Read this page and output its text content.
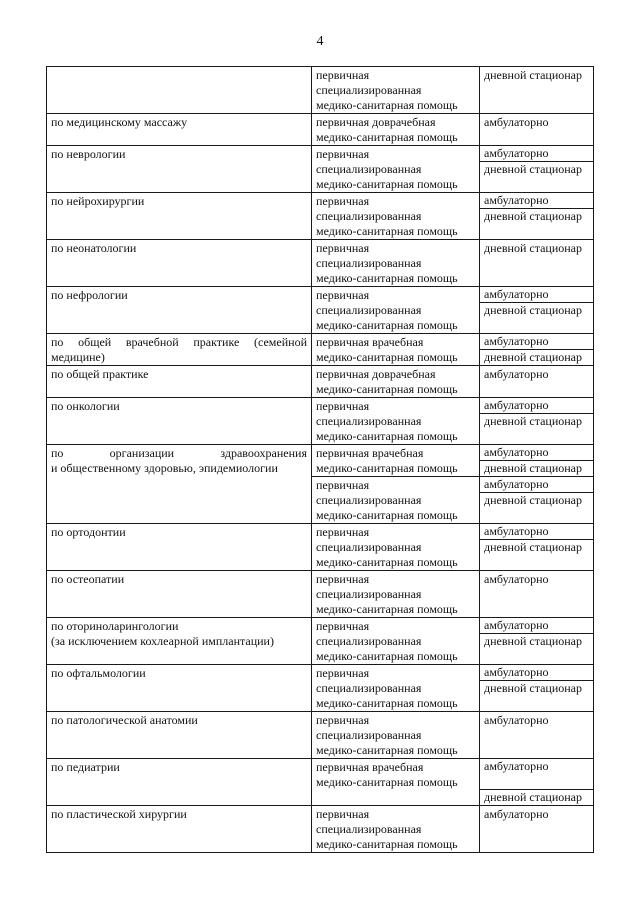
4

	первичная
специализированная
медико-санитарная помощь	дневной стационар

по медицинскому массажу	первичная доврачебная
медико-санитарная помощь	амбулаторно

по неврологии	первичная
специализированная
медико-санитарная помощь	амбулаторно
дневной стационар

по нейрохирургии	первичная
специализированная
медико-санитарная помощь	амбулаторно
дневной стационар

по неонатологии	первичная
специализированная
медико-санитарная помощь	дневной стационар

по нефрологии	первичная
специализированная
медико-санитарная помощь	амбулаторно
дневной стационар

по общей врачебной практике (семейной
медицине)	первичная врачебная
медико-санитарная помощь	амбулаторно
дневной стационар

по общей практике	первичная доврачебная
медико-санитарная помощь	амбулаторно

по онкологии	первичная
специализированная
медико-санитарная помощь	амбулаторно
дневной стационар

по организации здравоохранения
и общественному здоровью, эпидемиологии	первичная врачебная
медико-санитарная помощь	амбулаторно
дневной стационар

	первичная
специализированная
медико-санитарная помощь	амбулаторно
дневной стационар

по ортодонтии	первичная
специализированная
медико-санитарная помощь	амбулаторно
дневной стационар

по остеопатии	первичная
специализированная
медико-санитарная помощь	амбулаторно

по оториноларингологии
(за исключением кохлеарной имплантации)	первичная
специализированная
медико-санитарная помощь	амбулаторно
дневной стационар

по офтальмологии	первичная
специализированная
медико-санитарная помощь	амбулаторно
дневной стационар

по патологической анатомии	первичная
специализированная
медико-санитарная помощь	амбулаторно

по педиатрии	первичная врачебная
медико-санитарная помощь	амбулаторно
дневной стационар

по пластической хирургии	первичная
специализированная
медико-санитарная помощь	амбулаторно
